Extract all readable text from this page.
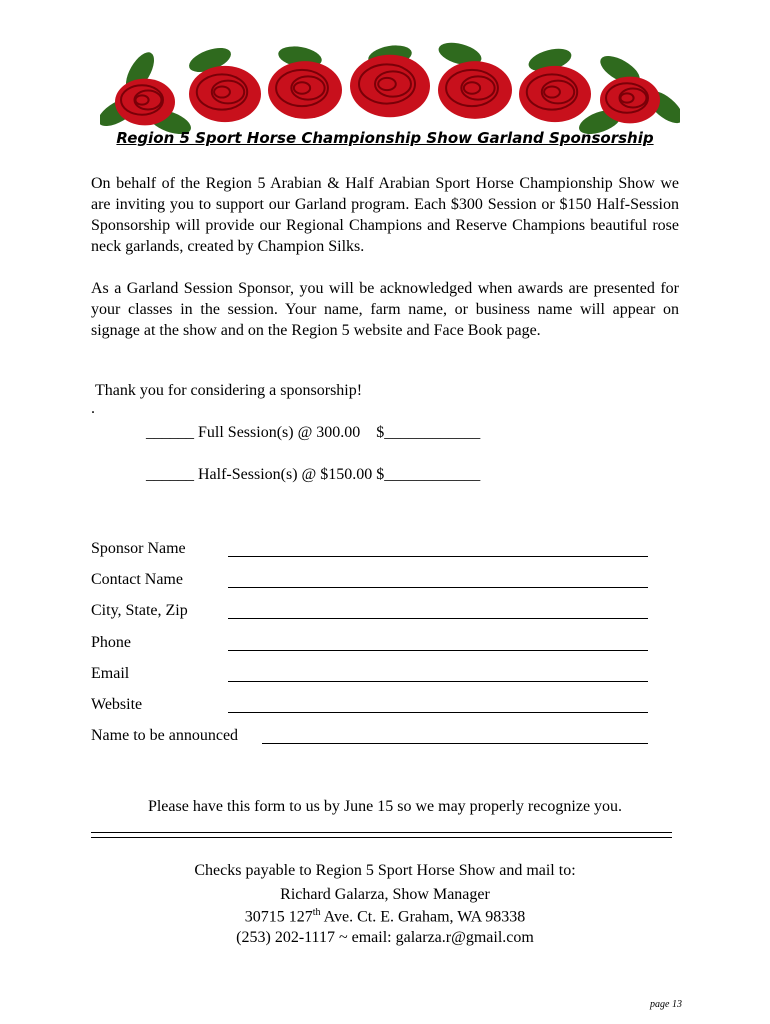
Region 5 Sport Horse Championship Show Garland Sponsorship

On behalf of the Region 5 Arabian & Half Arabian Sport Horse Championship Show we are inviting you to support our Garland program. Each $300 Session or $150 Half-Session Sponsorship will provide our Regional Champions and Reserve Champions beautiful rose neck garlands, created by Champion Silks.

As a Garland Session Sponsor, you will be acknowledged when awards are presented for your classes in the session. Your name, farm name, or business name will appear on signage at the show and on the Region 5 website and Face Book page.

Thank you for considering a sponsorship!
.
______ Full Session(s) @ 300.00    $____________
______ Half-Session(s) @ $150.00 $____________
Sponsor Name
Contact Name
City, State, Zip
Phone
Email
Website
Name to be announced
Please have this form to us by June 15 so we may properly recognize you.
Checks payable to Region 5 Sport Horse Show and mail to:
Richard Galarza, Show Manager
30715 127th Ave. Ct. E. Graham, WA 98338
(253) 202-1117 ~ email: galarza.r@gmail.com
page 13
